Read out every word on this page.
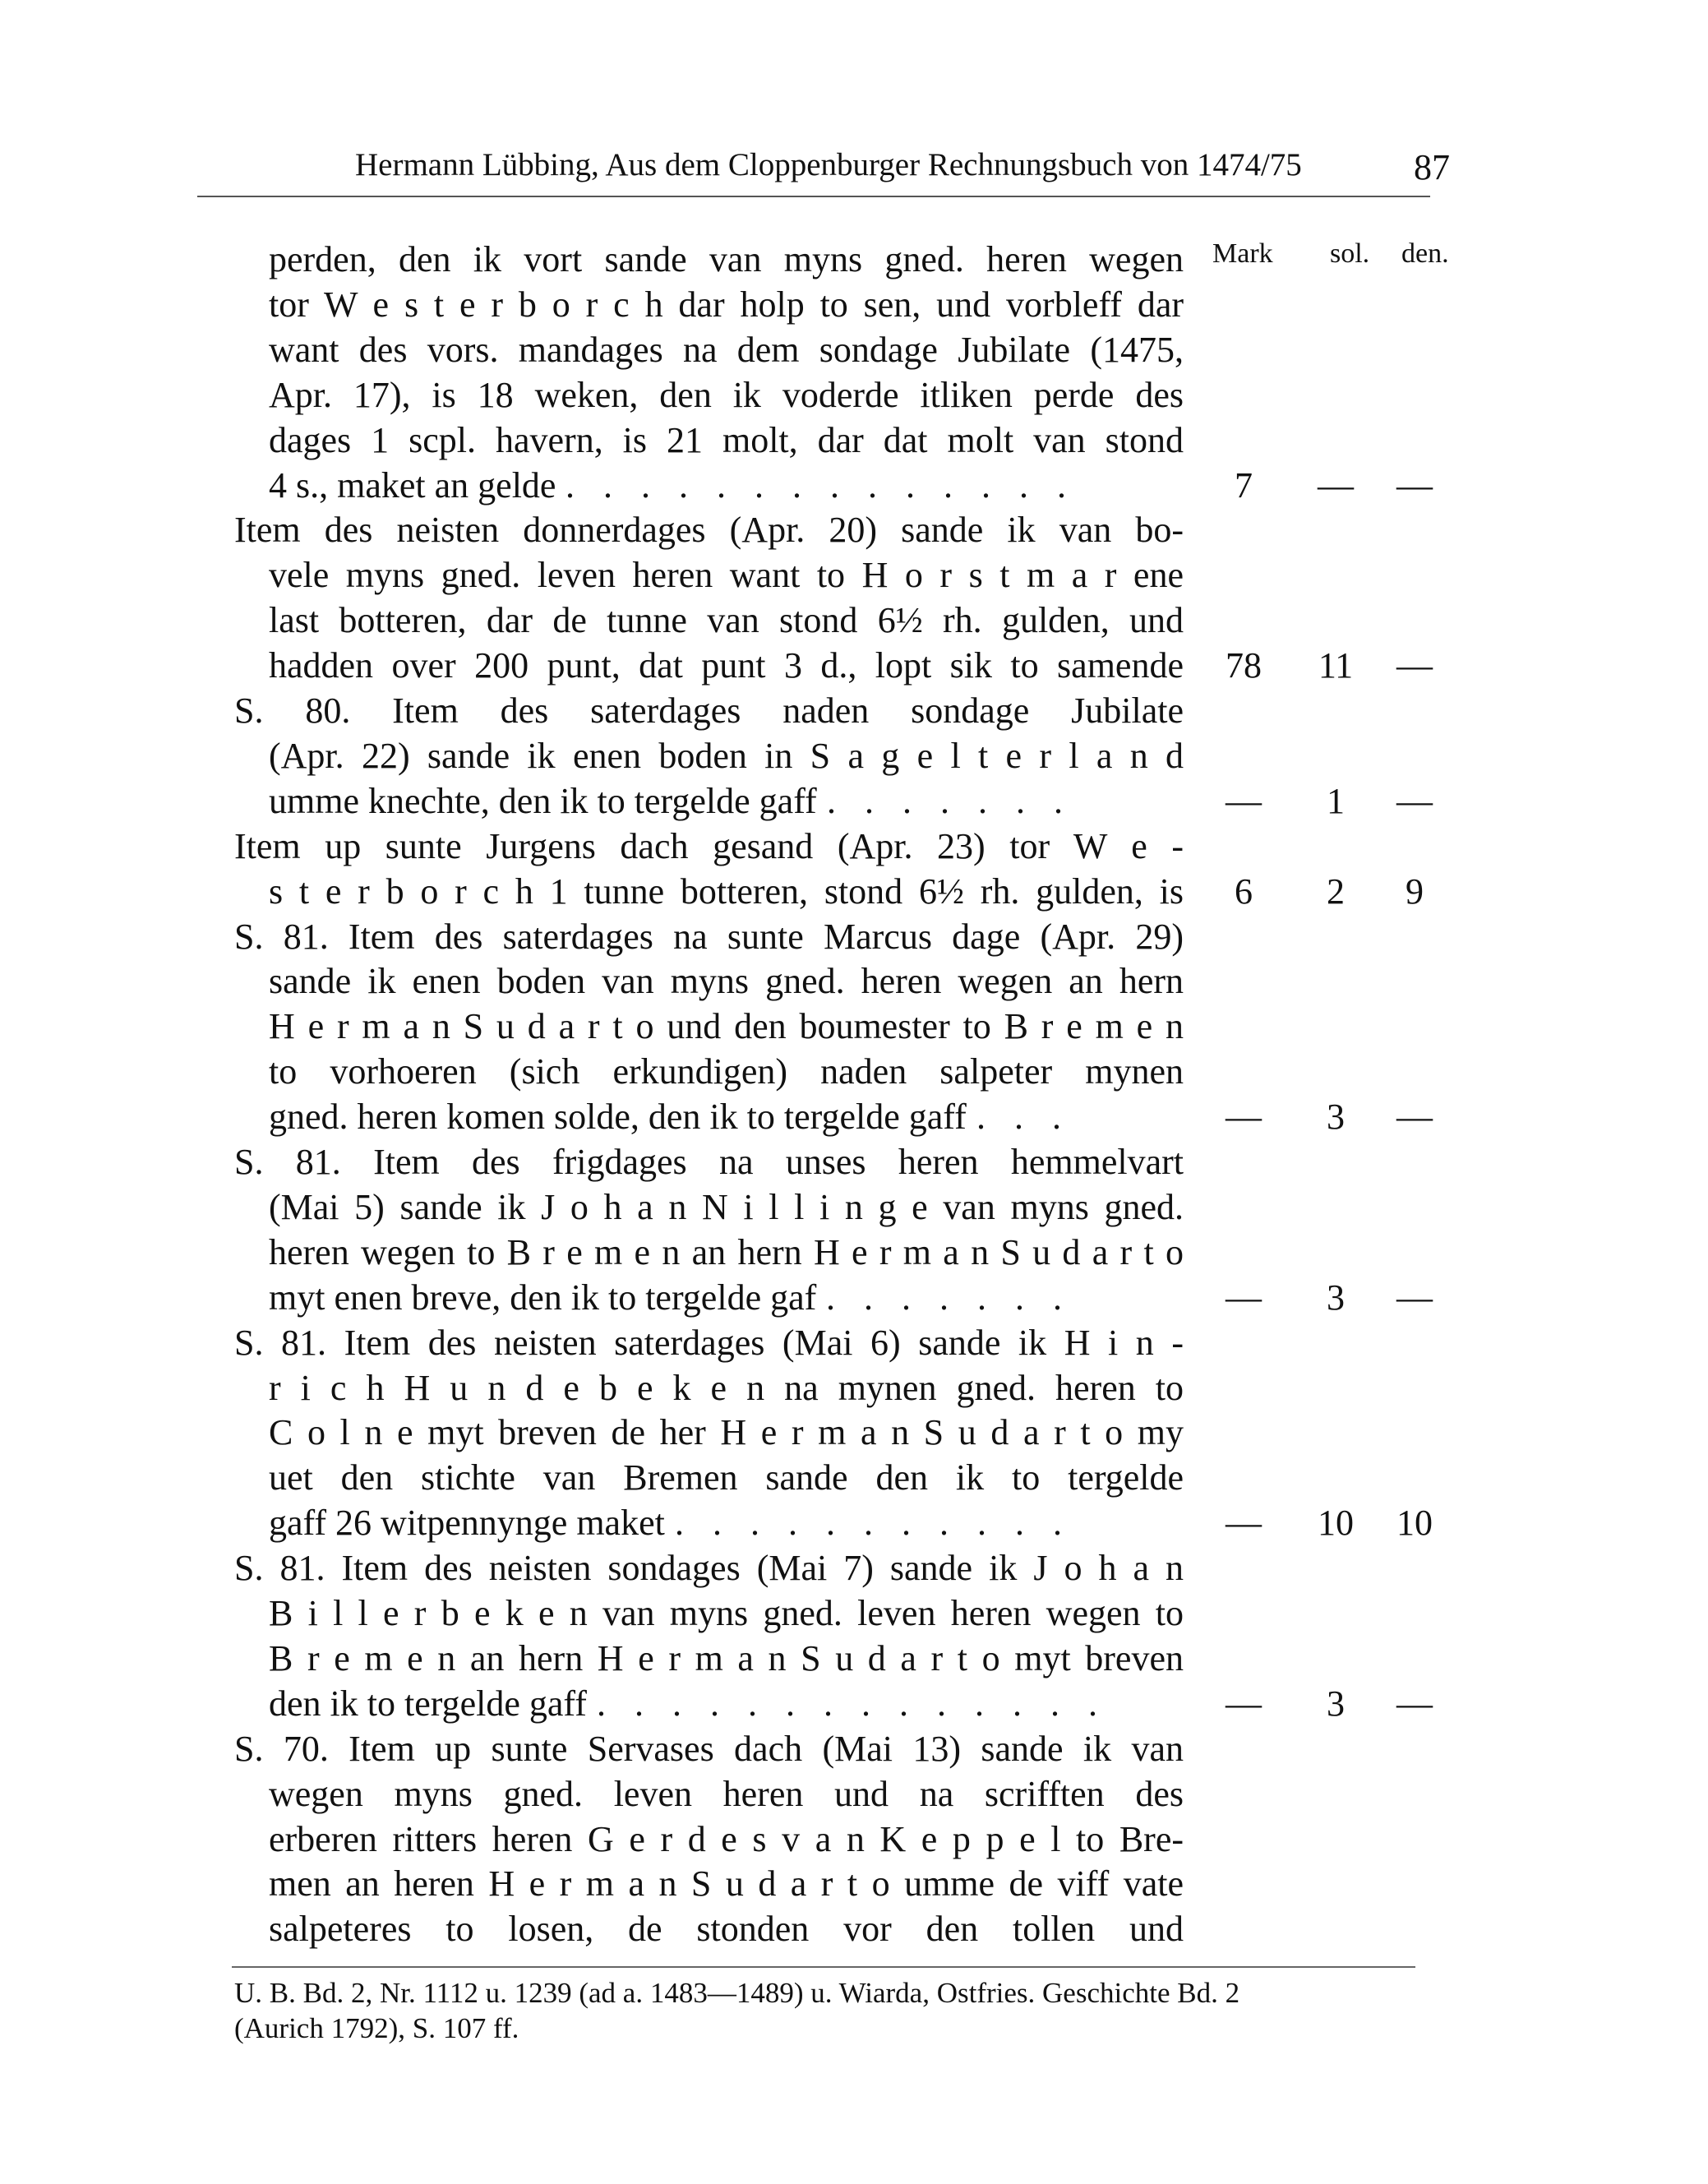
Hermann Lübbing, Aus dem Cloppenburger Rechnungsbuch von 1474/75	87
Mark sol. den.
perden, den ik vort sande van myns gned. heren wegen
tor W e s t e r b o r c h dar holp to sen, und vorbleff dar
want des vors. mandages na dem sondage Jubilate (1475,
Apr. 17), is 18 weken, den ik voderde itliken perde des
dages 1 scpl. havern, is 21 molt, dar dat molt van stond
4 s., maket an gelde . . . . . . . . . . . . . .	7	—	—
Item des neisten donnerdages (Apr. 20) sande ik van bo-
vele myns gned. leven heren want to H o r s t m a r ene
last botteren, dar de tunne van stond 6½ rh. gulden, und
hadden over 200 punt, dat punt 3 d., lopt sik to samende	78	11	—
S. 80. Item des saterdages naden sondage Jubilate
(Apr. 22) sande ik enen boden in S a g e l t e r l a n d
umme knechte, den ik to tergelde gaff . . . . . . .	—	1	—
Item up sunte Jurgens dach gesand (Apr. 23) tor W e -
s t e r b o r c h 1 tunne botteren, stond 6½ rh. gulden, is	6	2	9
S. 81. Item des saterdages na sunte Marcus dage (Apr. 29)
sande ik enen boden van myns gned. heren wegen an hern
H e r m a n S u d a r t o und den boumester to B r e m e n
to vorhoeren (sich erkundigen) naden salpeter mynen
gned. heren komen solde, den ik to tergelde gaff . . .	—	3	—
S. 81. Item des frigdages na unses heren hemmelvart
(Mai 5) sande ik J o h a n N i l l i n g e van myns gned.
heren wegen to B r e m e n an hern H e r m a n S u d a r t o
myt enen breve, den ik to tergelde gaf . . . . . . .	—	3	—
S. 81. Item des neisten saterdages (Mai 6) sande ik H i n -
r i c h H u n d e b e k e n na mynen gned. heren to
C o l n e myt breven de her H e r m a n S u d a r t o my
uet den stichte van Bremen sande den ik to tergelde
gaff 26 witpennynge maket . . . . . . . . . . .	—	10	10
S. 81. Item des neisten sondages (Mai 7) sande ik J o h a n
B i l l e r b e k e n van myns gned. leven heren wegen to
B r e m e n an hern H e r m a n S u d a r t o myt breven
den ik to tergelde gaff . . . . . . . . . . . . . .	—	3	—
S. 70. Item up sunte Servases dach (Mai 13) sande ik van
wegen myns gned. leven heren und na scrifften des
erberen ritters heren G e r d e s v a n K e p p e l to Bre-
men an heren H e r m a n S u d a r t o umme de viff vate
salpeteres to losen, de stonden vor den tollen und
U. B. Bd. 2, Nr. 1112 u. 1239 (ad a. 1483—1489) u. Wiarda, Ostfries. Geschichte Bd. 2
(Aurich 1792), S. 107 ff.
